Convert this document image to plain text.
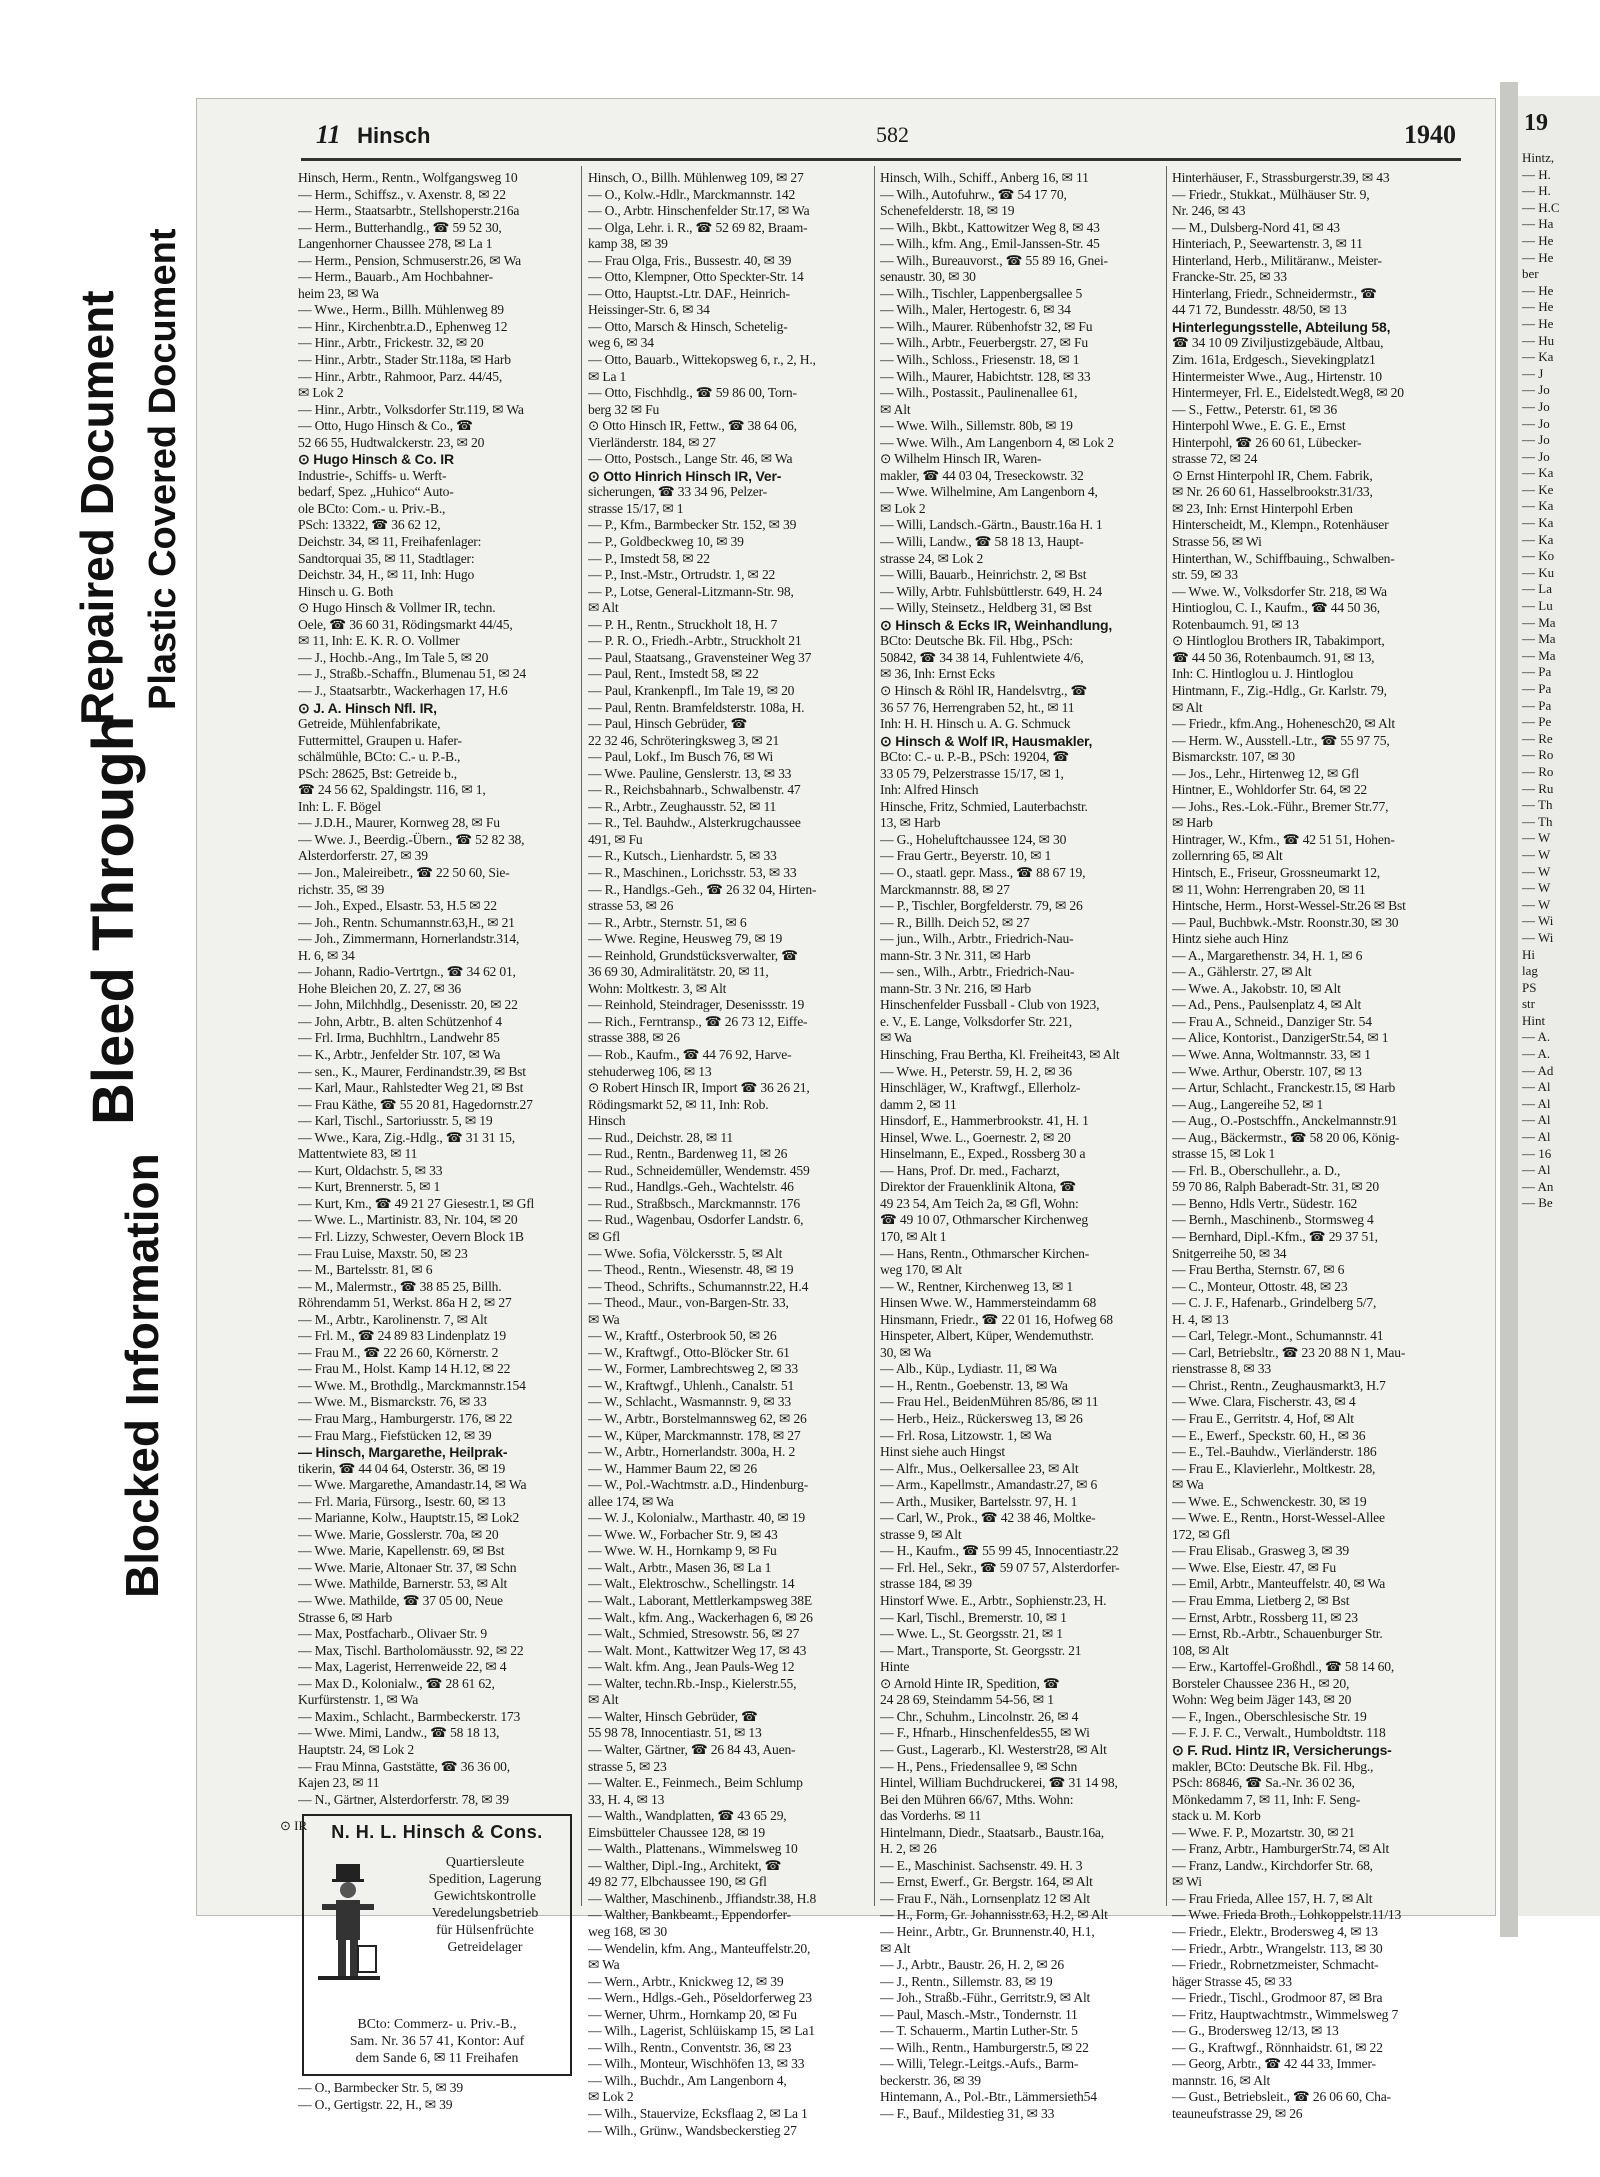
Bleed Through
Blocked Information
Repaired Document Plastic Covered Document
11 Hinsch	582	1940
Hinsch, Herm., Rentn., Wolfgangsweg 10
— Herm., Schiffsz., v. Axenstr. 8, ✉ 22
— Herm., Staatsarbtr., Stellshoperstr.216a
— Herm., Butterhandlg., ☎ 59 52 30,
Langenhorner Chaussee 278, ✉ La 1
— Herm., Pension, Schmuserstr.26, ✉ Wa
— Herm., Bauarb., Am Hochbahner-
heim 23, ✉ Wa
— Wwe., Herm., Billh. Mühlenweg 89
— Hinr., Kirchenbtr.a.D., Ephenweg 12
— Hinr., Arbtr., Frickestr. 32, ✉ 20
— Hinr., Arbtr., Stader Str.118a, ✉ Harb
— Hinr., Arbtr., Rahmoor, Parz. 44/45,
✉ Lok 2
— Hinr., Arbtr., Volksdorfer Str.119, ✉ Wa
— Otto, Hugo Hinsch & Co., ☎
52 66 55, Hudtwalckerstr. 23, ✉ 20
⊙ Hugo Hinsch & Co. IR
Industrie-, Schiffs- u. Werft-
bedarf, Spez. „Huhico“ Auto-
ole BCto: Com.- u. Priv.-B.,
PSch: 13322, ☎ 36 62 12,
Deichstr. 34, ✉ 11, Freihafenlager:
Sandtorquai 35, ✉ 11, Stadtlager:
Deichstr. 34, H., ✉ 11, Inh: Hugo
Hinsch u. G. Both
⊙ Hugo Hinsch & Vollmer IR, techn.
Oele, ☎ 36 60 31, Rödingsmarkt 44/45,
✉ 11, Inh: E. K. R. O. Vollmer
— J., Hochb.-Ang., Im Tale 5, ✉ 20
— J., Straßb.-Schaffn., Blumenau 51, ✉ 24
— J., Staatsarbtr., Wackerhagen 17, H.6
⊙ J. A. Hinsch Nfl. IR,
Getreide, Mühlenfabrikate,
Futtermittel, Graupen u. Hafer-
schälmühle, BCto: C.- u. P.-B.,
PSch: 28625, Bst: Getreide b.,
☎ 24 56 62, Spaldingstr. 116, ✉ 1,
Inh: L. F. Bögel
— J.D.H., Maurer, Kornweg 28, ✉ Fu
— Wwe. J., Beerdig.-Übern., ☎ 52 82 38,
Alsterdorferstr. 27, ✉ 39
— Jon., Maleireibetr., ☎ 22 50 60, Sie-
richstr. 35, ✉ 39
— Joh., Exped., Elsastr. 53, H.5 ✉ 22
— Joh., Rentn. Schumannstr.63,H., ✉ 21
— Joh., Zimmermann, Hornerlandstr.314,
H. 6, ✉ 34
— Johann, Radio-Vertrtgn., ☎ 34 62 01,
Hohe Bleichen 20, Z. 27, ✉ 36
— John, Milchhdlg., Desenisstr. 20, ✉ 22
— John, Arbtr., B. alten Schützenhof 4
— Frl. Irma, Buchhltrn., Landwehr 85
— K., Arbtr., Jenfelder Str. 107, ✉ Wa
— sen., K., Maurer, Ferdinandstr.39, ✉ Bst
— Karl, Maur., Rahlstedter Weg 21, ✉ Bst
— Frau Käthe, ☎ 55 20 81, Hagedornstr.27
— Karl, Tischl., Sartoriusstr. 5, ✉ 19
— Wwe., Kara, Zig.-Hdlg., ☎ 31 31 15,
Mattentwiete 83, ✉ 11
— Kurt, Oldachstr. 5, ✉ 33
— Kurt, Brennerstr. 5, ✉ 1
— Kurt, Km., ☎ 49 21 27 Giesestr.1, ✉ Gfl
— Wwe. L., Martinistr. 83, Nr. 104, ✉ 20
— Frl. Lizzy, Schwester, Oevern Block 1B
— Frau Luise, Maxstr. 50, ✉ 23
— M., Bartelsstr. 81, ✉ 6
— M., Malermstr., ☎ 38 85 25, Billh.
Röhrendamm 51, Werkst. 86a H 2, ✉ 27
— M., Arbtr., Karolinenstr. 7, ✉ Alt
— Frl. M., ☎ 24 89 83 Lindenplatz 19
— Frau M., ☎ 22 26 60, Körnerstr. 2
— Frau M., Holst. Kamp 14 H.12, ✉ 22
— Wwe. M., Brothdlg., Marckmannstr.154
— Wwe. M., Bismarckstr. 76, ✉ 33
— Frau Marg., Hamburgerstr. 176, ✉ 22
— Frau Marg., Fiefstücken 12, ✉ 39
— Hinsch, Margarethe, Heilprak-
tikerin, ☎ 44 04 64, Osterstr. 36, ✉ 19
— Wwe. Margarethe, Amandastr.14, ✉ Wa
— Frl. Maria, Fürsorg., Isestr. 60, ✉ 13
— Marianne, Kolw., Hauptstr.15, ✉ Lok2
— Wwe. Marie, Gosslerstr. 70a, ✉ 20
— Wwe. Marie, Kapellenstr. 69, ✉ Bst
— Wwe. Marie, Altonaer Str. 37, ✉ Schn
— Wwe. Mathilde, Barnerstr. 53, ✉ Alt
— Wwe. Mathilde, ☎ 37 05 00, Neue
Strasse 6, ✉ Harb
— Max, Postfacharb., Olivaer Str. 9
— Max, Tischl. Bartholomäusstr. 92, ✉ 22
— Max, Lagerist, Herrenweide 22, ✉ 4
— Max D., Kolonialw., ☎ 28 61 62,
Kurfürstenstr. 1, ✉ Wa
— Maxim., Schlacht., Barmbeckerstr. 173
— Wwe. Mimi, Landw., ☎ 58 18 13,
Hauptstr. 24, ✉ Lok 2
— Frau Minna, Gaststätte, ☎ 36 36 00,
Kajen 23, ✉ 11
— N., Gärtner, Alsterdorferstr. 78, ✉ 39
⊙ IR	N. H. L. Hinsch & Cons.
Quartiersleute
Spedition, Lagerung
Gewichtskontrolle
Veredelungsbetrieb
für Hülsenfrüchte
Getreidelager
BCto: Commerz- u. Priv.-B.,
Sam. Nr. 36 57 41, Kontor: Auf
dem Sande 6, ✉ 11 Freihafen
— O., Barmbecker Str. 5, ✉ 39
— O., Gertigstr. 22, H., ✉ 39
Hinsch, O., Billh. Mühlenweg 109, ✉ 27
— O., Kolw.-Hdlr., Marckmannstr. 142
— O., Arbtr. Hinschenfelder Str.17, ✉ Wa
— Olga, Lehr. i. R., ☎ 52 69 82, Braam-
kamp 38, ✉ 39
— Frau Olga, Fris., Bussestr. 40, ✉ 39
— Otto, Klempner, Otto Speckter-Str. 14
— Otto, Hauptst.-Ltr. DAF., Heinrich-
Heissinger-Str. 6, ✉ 34
— Otto, Marsch & Hinsch, Schetelig-
weg 6, ✉ 34
— Otto, Bauarb., Wittekopsweg 6, r., 2, H.,
✉ La 1
— Otto, Fischhdlg., ☎ 59 86 00, Torn-
berg 32 ✉ Fu
⊙ Otto Hinsch IR, Fettw., ☎ 38 64 06,
Vierländerstr. 184, ✉ 27
— Otto, Postsch., Lange Str. 46, ✉ Wa
⊙ Otto Hinrich Hinsch IR, Ver-
sicherungen, ☎ 33 34 96, Pelzer-
strasse 15/17, ✉ 1
— P., Kfm., Barmbecker Str. 152, ✉ 39
— P., Goldbeckweg 10, ✉ 39
— P., Imstedt 58, ✉ 22
— P., Inst.-Mstr., Ortrudstr. 1, ✉ 22
— P., Lotse, General-Litzmann-Str. 98,
✉ Alt
— P. H., Rentn., Struckholt 18, H. 7
— P. R. O., Friedh.-Arbtr., Struckholt 21
— Paul, Staatsang., Gravensteiner Weg 37
— Paul, Rent., Imstedt 58, ✉ 22
— Paul, Krankenpfl., Im Tale 19, ✉ 20
— Paul, Rentn. Bramfeldsterstr. 108a, H.
— Paul, Hinsch Gebrüder, ☎
22 32 46, Schröteringksweg 3, ✉ 21
— Paul, Lokf., Im Busch 76, ✉ Wi
— Wwe. Pauline, Genslerstr. 13, ✉ 33
— R., Reichsbahnarb., Schwalbenstr. 47
— R., Arbtr., Zeughausstr. 52, ✉ 11
— R., Tel. Bauhdw., Alsterkrugchaussee
491, ✉ Fu
— R., Kutsch., Lienhardstr. 5, ✉ 33
— R., Maschinen., Lorichsstr. 53, ✉ 33
— R., Handlgs.-Geh., ☎ 26 32 04, Hirten-
strasse 53, ✉ 26
— R., Arbtr., Sternstr. 51, ✉ 6
— Wwe. Regine, Heusweg 79, ✉ 19
— Reinhold, Grundstücksverwalter, ☎
36 69 30, Admiralitätstr. 20, ✉ 11,
Wohn: Moltkestr. 3, ✉ Alt
— Reinhold, Steindrager, Desenissstr. 19
— Rich., Ferntransp., ☎ 26 73 12, Eiffe-
strasse 388, ✉ 26
— Rob., Kaufm., ☎ 44 76 92, Harve-
stehuderweg 106, ✉ 13
⊙ Robert Hinsch IR, Import ☎ 36 26 21,
Rödingsmarkt 52, ✉ 11, Inh: Rob.
Hinsch
— Rud., Deichstr. 28, ✉ 11
— Rud., Rentn., Bardenweg 11, ✉ 26
— Rud., Schneidemüller, Wendemstr. 459
— Rud., Handlgs.-Geh., Wachtelstr. 46
— Rud., Straßbsch., Marckmannstr. 176
— Rud., Wagenbau, Osdorfer Landstr. 6,
✉ Gfl
— Wwe. Sofia, Völckersstr. 5, ✉ Alt
— Theod., Rentn., Wiesenstr. 48, ✉ 19
— Theod., Schrifts., Schumannstr.22, H.4
— Theod., Maur., von-Bargen-Str. 33,
✉ Wa
— W., Kraftf., Osterbrook 50, ✉ 26
— W., Kraftwgf., Otto-Blöcker Str. 61
— W., Former, Lambrechtsweg 2, ✉ 33
— W., Kraftwgf., Uhlenh., Canalstr. 51
— W., Schlacht., Wasmannstr. 9, ✉ 33
— W., Arbtr., Borstelmannsweg 62, ✉ 26
— W., Küper, Marckmannstr. 178, ✉ 27
— W., Arbtr., Hornerlandstr. 300a, H. 2
— W., Hammer Baum 22, ✉ 26
— W., Pol.-Wachtmstr. a.D., Hindenburg-
allee 174, ✉ Wa
— W. J., Kolonialw., Marthastr. 40, ✉ 19
— Wwe. W., Forbacher Str. 9, ✉ 43
— Wwe. W. H., Hornkamp 9, ✉ Fu
— Walt., Arbtr., Masen 36, ✉ La 1
— Walt., Elektroschw., Schellingstr. 14
— Walt., Laborant, Mettlerkampsweg 38E
— Walt., kfm. Ang., Wackerhagen 6, ✉ 26
— Walt., Schmied, Stresowstr. 56, ✉ 27
— Walt. Mont., Kattwitzer Weg 17, ✉ 43
— Walt. kfm. Ang., Jean Pauls-Weg 12
— Walter, techn.Rb.-Insp., Kielerstr.55,
✉ Alt
— Walter, Hinsch Gebrüder, ☎
55 98 78, Innocentiastr. 51, ✉ 13
— Walter, Gärtner, ☎ 26 84 43, Auen-
strasse 5, ✉ 23
— Walter. E., Feinmech., Beim Schlump
33, H. 4, ✉ 13
— Walth., Wandplatten, ☎ 43 65 29,
Eimsbütteler Chaussee 128, ✉ 19
— Walth., Plattenans., Wimmelsweg 10
— Walther, Dipl.-Ing., Architekt, ☎
49 82 77, Elbchaussee 190, ✉ Gfl
— Walther, Maschinenb., Jffiandstr.38, H.8
— Walther, Bankbeamt., Eppendorfer-
weg 168, ✉ 30
— Wendelin, kfm. Ang., Manteuffelstr.20,
✉ Wa
— Wern., Arbtr., Knickweg 12, ✉ 39
— Wern., Hdlgs.-Geh., Pöseldorferweg 23
— Werner, Uhrm., Hornkamp 20, ✉ Fu
— Wilh., Lagerist, Schlüiskamp 15, ✉ La1
— Wilh., Rentn., Conventstr. 36, ✉ 23
— Wilh., Monteur, Wischhöfen 13, ✉ 33
— Wilh., Buchdr., Am Langenborn 4,
✉ Lok 2
— Wilh., Stauervize, Ecksflaag 2, ✉ La 1
— Wilh., Grünw., Wandsbeckerstieg 27
Hinsch, Wilh., Schiff., Anberg 16, ✉ 11
— Wilh., Autofuhrw., ☎ 54 17 70,
Schenefelderstr. 18, ✉ 19
— Wilh., Bkbt., Kattowitzer Weg 8, ✉ 43
— Wilh., kfm. Ang., Emil-Janssen-Str. 45
— Wilh., Bureauvorst., ☎ 55 89 16, Gnei-
senaustr. 30, ✉ 30
— Wilh., Tischler, Lappenbergsallee 5
— Wilh., Maler, Hertogestr. 6, ✉ 34
— Wilh., Maurer. Rübenhofstr 32, ✉ Fu
— Wilh., Arbtr., Feuerbergstr. 27, ✉ Fu
— Wilh., Schloss., Friesenstr. 18, ✉ 1
— Wilh., Maurer, Habichtstr. 128, ✉ 33
— Wilh., Postassit., Paulinenallee 61,
✉ Alt
— Wwe. Wilh., Sillemstr. 80b, ✉ 19
— Wwe. Wilh., Am Langenborn 4, ✉ Lok 2
⊙ Wilhelm Hinsch IR, Waren-
makler, ☎ 44 03 04, Treseckowstr. 32
— Wwe. Wilhelmine, Am Langenborn 4,
✉ Lok 2
— Willi, Landsch.-Gärtn., Baustr.16a H. 1
— Willi, Landw., ☎ 58 18 13, Haupt-
strasse 24, ✉ Lok 2
— Willi, Bauarb., Heinrichstr. 2, ✉ Bst
— Willy, Arbtr. Fuhlsbüttlerstr. 649, H. 24
— Willy, Steinsetz., Heldberg 31, ✉ Bst
⊙ Hinsch & Ecks IR, Weinhandlung,
BCto: Deutsche Bk. Fil. Hbg., PSch:
50842, ☎ 34 38 14, Fuhlentwiete 4/6,
✉ 36, Inh: Ernst Ecks
⊙ Hinsch & Röhl IR, Handelsvtrg., ☎
36 57 76, Herrengraben 52, ht., ✉ 11
Inh: H. H. Hinsch u. A. G. Schmuck
⊙ Hinsch & Wolf IR, Hausmakler,
BCto: C.- u. P.-B., PSch: 19204, ☎
33 05 79, Pelzerstrasse 15/17, ✉ 1,
Inh: Alfred Hinsch
Hinsche, Fritz, Schmied, Lauterbachstr.
13, ✉ Harb
— G., Hoheluftchaussee 124, ✉ 30
— Frau Gertr., Beyerstr. 10, ✉ 1
— O., staatl. gepr. Mass., ☎ 88 67 19,
Marckmannstr. 88, ✉ 27
— P., Tischler, Borgfelderstr. 79, ✉ 26
— R., Billh. Deich 52, ✉ 27
— jun., Wilh., Arbtr., Friedrich-Nau-
mann-Str. 3 Nr. 311, ✉ Harb
— sen., Wilh., Arbtr., Friedrich-Nau-
mann-Str. 3 Nr. 216, ✉ Harb
Hinschenfelder Fussball - Club von 1923,
e. V., E. Lange, Volksdorfer Str. 221,
✉ Wa
Hinsching, Frau Bertha, Kl. Freiheit43, ✉ Alt
— Wwe. H., Peterstr. 59, H. 2, ✉ 36
Hinschläger, W., Kraftwgf., Ellerholz-
damm 2, ✉ 11
Hinsdorf, E., Hammerbrookstr. 41, H. 1
Hinsel, Wwe. L., Goernestr. 2, ✉ 20
Hinselmann, E., Exped., Rossberg 30 a
— Hans, Prof. Dr. med., Facharzt,
Direktor der Frauenklinik Altona, ☎
49 23 54, Am Teich 2a, ✉ Gfl, Wohn:
☎ 49 10 07, Othmarscher Kirchenweg
170, ✉ Alt 1
— Hans, Rentn., Othmarscher Kirchen-
weg 170, ✉ Alt
— W., Rentner, Kirchenweg 13, ✉ 1
Hinsen Wwe. W., Hammersteindamm 68
Hinsmann, Friedr., ☎ 22 01 16, Hofweg 68
Hinspeter, Albert, Küper, Wendemuthstr.
30, ✉ Wa
— Alb., Küp., Lydiastr. 11, ✉ Wa
— H., Rentn., Goebenstr. 13, ✉ Wa
— Frau Hel., BeidenMühren 85/86, ✉ 11
— Herb., Heiz., Rückersweg 13, ✉ 26
— Frl. Rosa, Litzowstr. 1, ✉ Wa
Hinst siehe auch Hingst
— Alfr., Mus., Oelkersallee 23, ✉ Alt
— Arm., Kapellmstr., Amandastr.27, ✉ 6
— Arth., Musiker, Bartelsstr. 97, H. 1
— Carl, W., Prok., ☎ 42 38 46, Moltke-
strasse 9, ✉ Alt
— H., Kaufm., ☎ 55 99 45, Innocentiastr.22
— Frl. Hel., Sekr., ☎ 59 07 57, Alsterdorfer-
strasse 184, ✉ 39
Hinstorf Wwe. E., Arbtr., Sophienstr.23, H.
— Karl, Tischl., Bremerstr. 10, ✉ 1
— Wwe. L., St. Georgsstr. 21, ✉ 1
— Mart., Transporte, St. Georgsstr. 21
Hinte
⊙ Arnold Hinte IR, Spedition, ☎
24 28 69, Steindamm 54-56, ✉ 1
— Chr., Schuhm., Lincolnstr. 26, ✉ 4
— F., Hfnarb., Hinschenfeldes55, ✉ Wi
— Gust., Lagerarb., Kl. Westerstr28, ✉ Alt
— H., Pens., Friedensallee 9, ✉ Schn
Hintel, William Buchdruckerei, ☎ 31 14 98,
Bei den Mühren 66/67, Mths. Wohn:
das Vorderhs. ✉ 11
Hintelmann, Diedr., Staatsarb., Baustr.16a,
H. 2, ✉ 26
— E., Maschinist. Sachsenstr. 49. H. 3
— Ernst, Ewerf., Gr. Bergstr. 164, ✉ Alt
— Frau F., Näh., Lornsenplatz 12 ✉ Alt
— H., Form, Gr. Johannisstr.63, H.2, ✉ Alt
— Heinr., Arbtr., Gr. Brunnenstr.40, H.1,
✉ Alt
— J., Arbtr., Baustr. 26, H. 2, ✉ 26
— J., Rentn., Sillemstr. 83, ✉ 19
— Joh., Straßb.-Führ., Gerritstr.9, ✉ Alt
— Paul, Masch.-Mstr., Tondernstr. 11
— T. Schauerm., Martin Luther-Str. 5
— Wilh., Rentn., Hamburgerstr.5, ✉ 22
— Willi, Telegr.-Leitgs.-Aufs., Barm-
beckerstr. 36, ✉ 39
Hintemann, A., Pol.-Btr., Lämmersieth54
— F., Bauf., Mildestieg 31, ✉ 33
Hinterhäuser, F., Strassburgerstr.39, ✉ 43
— Friedr., Stukkat., Mülhäuser Str. 9,
Nr. 246, ✉ 43
— M., Dulsberg-Nord 41, ✉ 43
Hinteriach, P., Seewartenstr. 3, ✉ 11
Hinterland, Herb., Militäranw., Meister-
Francke-Str. 25, ✉ 33
Hinterlang, Friedr., Schneidermstr., ☎
44 71 72, Bundesstr. 48/50, ✉ 13
Hinterlegungsstelle, Abteilung 58,
☎ 34 10 09 Ziviljustizgebäude, Altbau,
Zim. 161a, Erdgesch., Sievekingplatz1
Hintermeister Wwe., Aug., Hirtenstr. 10
Hintermeyer, Frl. E., Eidelstedt.Weg8, ✉ 20
— S., Fettw., Peterstr. 61, ✉ 36
Hinterpohl Wwe., E. G. E., Ernst
Hinterpohl, ☎ 26 60 61, Lübecker-
strasse 72, ✉ 24
⊙ Ernst Hinterpohl IR, Chem. Fabrik,
✉ Nr. 26 60 61, Hasselbrookstr.31/33,
✉ 23, Inh: Ernst Hinterpohl Erben
Hinterscheidt, M., Klempn., Rotenhäuser
Strasse 56, ✉ Wi
Hinterthan, W., Schiffbauing., Schwalben-
str. 59, ✉ 33
— Wwe. W., Volksdorfer Str. 218, ✉ Wa
Hintioglou, C. I., Kaufm., ☎ 44 50 36,
Rotenbaumch. 91, ✉ 13
⊙ Hintloglou Brothers IR, Tabakimport,
☎ 44 50 36, Rotenbaumch. 91, ✉ 13,
Inh: C. Hintloglou u. J. Hintloglou
Hintmann, F., Zig.-Hdlg., Gr. Karlstr. 79,
✉ Alt
— Friedr., kfm.Ang., Hohenesch20, ✉ Alt
— Herm. W., Ausstell.-Ltr., ☎ 55 97 75,
Bismarckstr. 107, ✉ 30
— Jos., Lehr., Hirtenweg 12, ✉ Gfl
Hintner, E., Wohldorfer Str. 64, ✉ 22
— Johs., Res.-Lok.-Führ., Bremer Str.77,
✉ Harb
Hintrager, W., Kfm., ☎ 42 51 51, Hohen-
zollernring 65, ✉ Alt
Hintsch, E., Friseur, Grossneumarkt 12,
✉ 11, Wohn: Herrengraben 20, ✉ 11
Hintsche, Herm., Horst-Wessel-Str.26 ✉ Bst
— Paul, Buchbwk.-Mstr. Roonstr.30, ✉ 30
Hintz siehe auch Hinz
— A., Margarethenstr. 34, H. 1, ✉ 6
— A., Gählerstr. 27, ✉ Alt
— Wwe. A., Jakobstr. 10, ✉ Alt
— Ad., Pens., Paulsenplatz 4, ✉ Alt
— Frau A., Schneid., Danziger Str. 54
— Alice, Kontorist., DanzigerStr.54, ✉ 1
— Wwe. Anna, Woltmannstr. 33, ✉ 1
— Wwe. Arthur, Oberstr. 107, ✉ 13
— Artur, Schlacht., Franckestr.15, ✉ Harb
— Aug., Langereihe 52, ✉ 1
— Aug., O.-Postschffn., Anckelmannstr.91
— Aug., Bäckermstr., ☎ 58 20 06, König-
strasse 15, ✉ Lok 1
— Frl. B., Oberschullehr., a. D.,
59 70 86, Ralph Baberadt-Str. 31, ✉ 20
— Benno, Hdls Vertr., Südestr. 162
— Bernh., Maschinenb., Stormsweg 4
— Bernhard, Dipl.-Kfm., ☎ 29 37 51,
Snitgerreihe 50, ✉ 34
— Frau Bertha, Sternstr. 67, ✉ 6
— C., Monteur, Ottostr. 48, ✉ 23
— C. J. F., Hafenarb., Grindelberg 5/7,
H. 4, ✉ 13
— Carl, Telegr.-Mont., Schumannstr. 41
— Carl, Betriebsltr., ☎ 23 20 88 N 1, Mau-
rienstrasse 8, ✉ 33
— Christ., Rentn., Zeughausmarkt3, H.7
— Wwe. Clara, Fischerstr. 43, ✉ 4
— Frau E., Gerritstr. 4, Hof, ✉ Alt
— E., Ewerf., Speckstr. 60, H., ✉ 36
— E., Tel.-Bauhdw., Vierländerstr. 186
— Frau E., Klavierlehr., Moltkestr. 28,
✉ Wa
— Wwe. E., Schwenckestr. 30, ✉ 19
— Wwe. E., Rentn., Horst-Wessel-Allee
172, ✉ Gfl
— Frau Elisab., Grasweg 3, ✉ 39
— Wwe. Else, Eiestr. 47, ✉ Fu
— Emil, Arbtr., Manteuffelstr. 40, ✉ Wa
— Frau Emma, Lietberg 2, ✉ Bst
— Ernst, Arbtr., Rossberg 11, ✉ 23
— Ernst, Rb.-Arbtr., Schauenburger Str.
108, ✉ Alt
— Erw., Kartoffel-Großhdl., ☎ 58 14 60,
Borsteler Chaussee 236 H., ✉ 20,
Wohn: Weg beim Jäger 143, ✉ 20
— F., Ingen., Oberschlesische Str. 19
— F. J. F. C., Verwalt., Humboldtstr. 118
⊙ F. Rud. Hintz IR, Versicherungs-
makler, BCto: Deutsche Bk. Fil. Hbg.,
PSch: 86846, ☎ Sa.-Nr. 36 02 36,
Mönkedamm 7, ✉ 11, Inh: F. Seng-
stack u. M. Korb
— Wwe. F. P., Mozartstr. 30, ✉ 21
— Franz, Arbtr., HamburgerStr.74, ✉ Alt
— Franz, Landw., Kirchdorfer Str. 68,
✉ Wi
— Frau Frieda, Allee 157, H. 7, ✉ Alt
— Wwe. Frieda Broth., Lohkoppelstr.11/13
— Friedr., Elektr., Brodersweg 4, ✉ 13
— Friedr., Arbtr., Wrangelstr. 113, ✉ 30
— Friedr., Robrnetzmeister, Schmacht-
häger Strasse 45, ✉ 33
— Friedr., Tischl., Grodmoor 87, ✉ Bra
— Fritz, Hauptwachtmstr., Wimmelsweg 7
— G., Brodersweg 12/13, ✉ 13
— G., Kraftwgf., Rönnhaidstr. 61, ✉ 22
— Georg, Arbtr., ☎ 42 44 33, Immer-
mannstr. 16, ✉ Alt
— Gust., Betriebsleit., ☎ 26 06 60, Cha-
teauneufstrasse 29, ✉ 26
19
Hintz,
— H.
— H.
— H.C
— Ha
— He
— He
ber
— He
— He
— He
— Hu
— Ka
— J
— Jo
— Jo
— Jo
— Jo
— Jo
— Ka
— Ke
— Ka
— Ka
— Ka
— Ko
— Ku
— La
— Lu
— Ma
— Ma
— Ma
— Pa
— Pa
— Pa
— Pe
— Re
— Ro
— Ro
— Ru
— Th
— Th
— W
— W
— W
— W
— W
— Wi
— Wi
Hi
lag
PS
str
Hint
— A.
— A.
— Ad
— Al
— Al
— Al
— Al
— 16
— Al
— An
— Be
